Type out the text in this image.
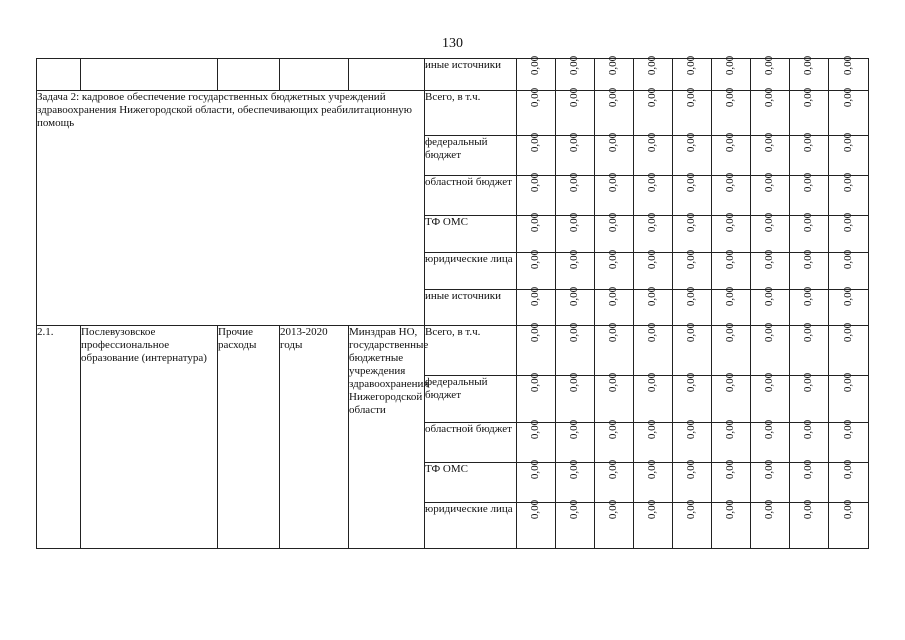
130
					иные источники	0,00	0,00	0,00	0,00	0,00	0,00	0,00	0,00	0,00
Задача 2: кадровое обеспечение государственных бюджетных учреждений здравоохранения Нижегородской области, обеспечивающих реабилитационную помощь					Всего, в т.ч.	0,00	0,00	0,00	0,00	0,00	0,00	0,00	0,00	0,00
					федеральный бюджет	0,00	0,00	0,00	0,00	0,00	0,00	0,00	0,00	0,00
					областной бюджет	0,00	0,00	0,00	0,00	0,00	0,00	0,00	0,00	0,00
					ТФ ОМС	0,00	0,00	0,00	0,00	0,00	0,00	0,00	0,00	0,00
					юридические лица	0,00	0,00	0,00	0,00	0,00	0,00	0,00	0,00	0,00
					иные источники	0,00	0,00	0,00	0,00	0,00	0,00	0,00	0,00	0,00
2.1.	Послевузовское профессиональное образование (интернатура)	Прочие расходы	2013-2020 годы	Минздрав НО, государственные бюджетные учреждения здравоохранения Нижегородской области	Всего, в т.ч.	0,00	0,00	0,00	0,00	0,00	0,00	0,00	0,00	0,00
					федеральный бюджет	0,00	0,00	0,00	0,00	0,00	0,00	0,00	0,00	0,00
					областной бюджет	0,00	0,00	0,00	0,00	0,00	0,00	0,00	0,00	0,00
					ТФ ОМС	0,00	0,00	0,00	0,00	0,00	0,00	0,00	0,00	0,00
					юридические лица	0,00	0,00	0,00	0,00	0,00	0,00	0,00	0,00	0,00
